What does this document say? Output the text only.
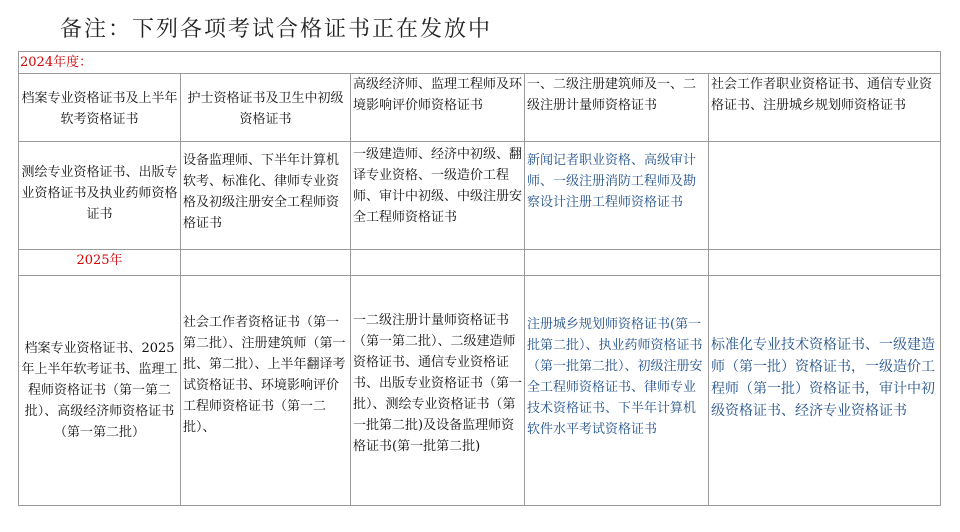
备注：下列各项考试合格证书正在发放中
2024年度：				
档案专业资格证书及上半年软考资格证书	护士资格证书及卫生中初级资格证书	高级经济师、监理工程师及环境影响评价师资格证书	一、二级注册建筑师及一、二级注册计量师资格证书	社会工作者职业资格证书、通信专业资格证书、注册城乡规划师资格证书
测绘专业资格证书、出版专业资格证书及执业药师资格证书	设备监理师、下半年计算机软考、标准化、律师专业资格及初级注册安全工程师资格证书	一级建造师、经济中初级、翻译专业资格、一级造价工程师、审计中初级、中级注册安全工程师资格证书	新闻记者职业资格、高级审计师、一级注册消防工程师及勘察设计注册工程师资格证书	
2025年				
档案专业资格证书、2025年上半年软考证书、监理工程师资格证书（第一第二批）、高级经济师资格证书（第一第二批）	社会工作者资格证书（第一第二批）、注册建筑师（第一批、第二批）、上半年翻译考试资格证书、环境影响评价工程师资格证书（第一二批）、	一二级注册计量师资格证书（第一第二批）、二级建造师资格证书、通信专业资格证书、出版专业资格证书（第一批）、测绘专业资格证书（第一批第二批)及设备监理师资格证书(第一批第二批)	注册城乡规划师资格证书(第一批第二批）、执业药师资格证书（第一批第二批）、初级注册安全工程师资格证书、律师专业技术资格证书、下半年计算机软件水平考试资格证书	标准化专业技术资格证书、一级建造师（第一批）资格证书，一级造价工程师（第一批）资格证书，审计中初级资格证书、经济专业资格证书
